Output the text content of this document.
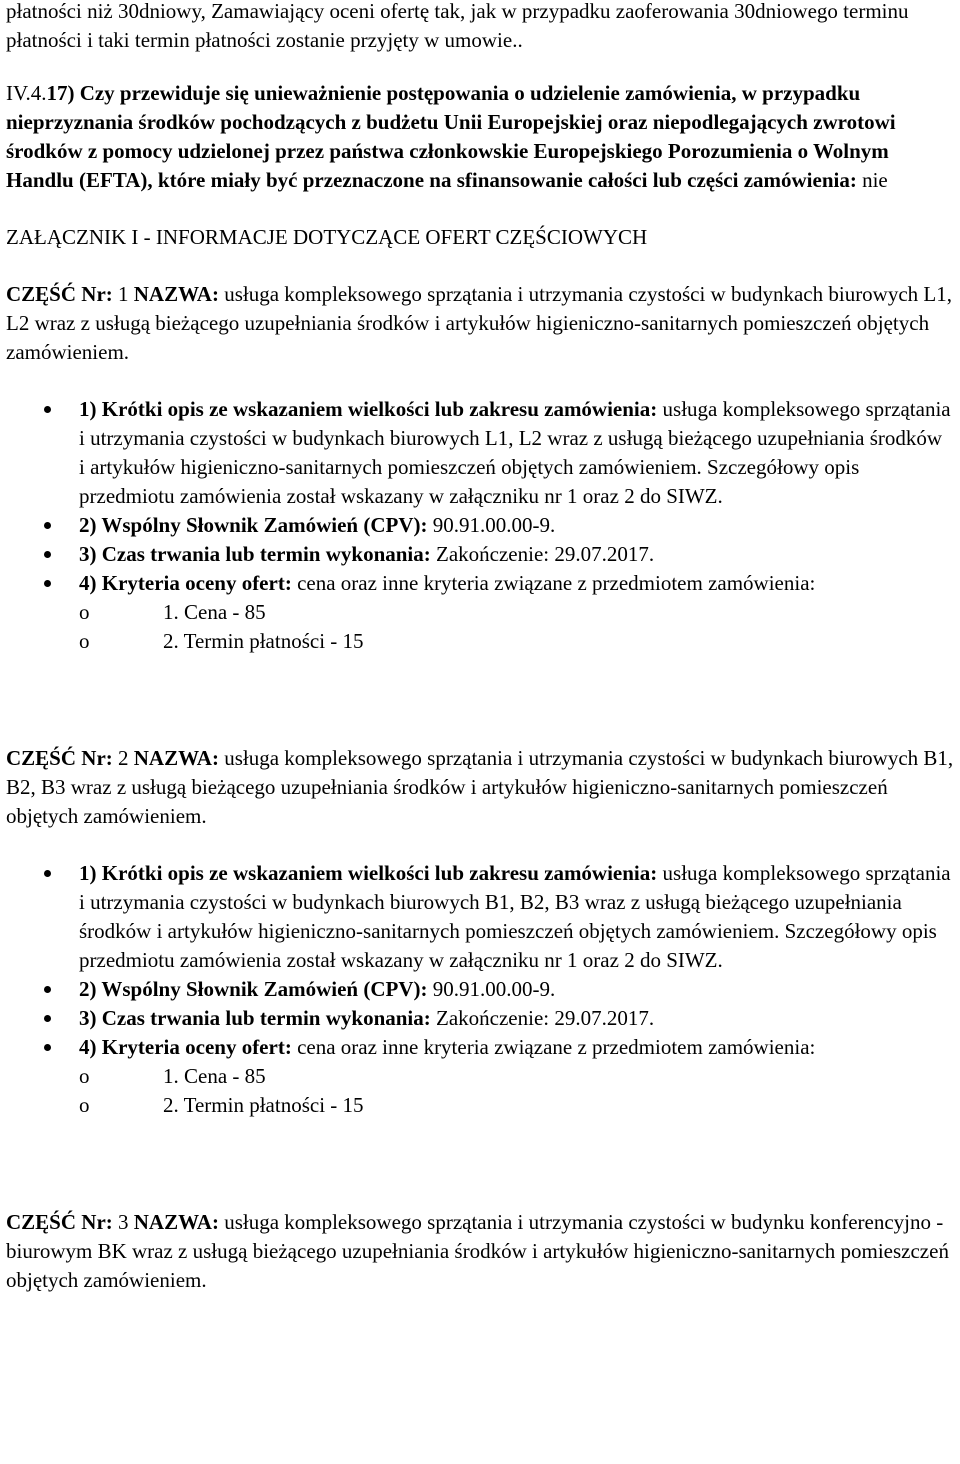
płatności niż 30dniowy, Zamawiający oceni ofertę tak, jak w przypadku zaoferowania 30dniowego terminu płatności i taki termin płatności zostanie przyjęty w umowie..

IV.4.17) Czy przewiduje się unieważnienie postępowania o udzielenie zamówienia, w przypadku nieprzyznania środków pochodzących z budżetu Unii Europejskiej oraz niepodlegających zwrotowi środków z pomocy udzielonej przez państwa członkowskie Europejskiego Porozumienia o Wolnym Handlu (EFTA), które miały być przeznaczone na sfinansowanie całości lub części zamówienia: nie

ZAŁĄCZNIK I - INFORMACJE DOTYCZĄCE OFERT CZĘŚCIOWYCH

CZĘŚĆ Nr: 1 NAZWA: usługa kompleksowego sprzątania i utrzymania czystości w budynkach biurowych L1, L2 wraz z usługą bieżącego uzupełniania środków i artykułów higieniczno-sanitarnych pomieszczeń objętych zamówieniem.

1) Krótki opis ze wskazaniem wielkości lub zakresu zamówienia: usługa kompleksowego sprzątania i utrzymania czystości w budynkach biurowych L1, L2 wraz z usługą bieżącego uzupełniania środków i artykułów higieniczno-sanitarnych pomieszczeń objętych zamówieniem. Szczegółowy opis przedmiotu zamówienia został wskazany w załączniku nr 1 oraz 2 do SIWZ.
2) Wspólny Słownik Zamówień (CPV): 90.91.00.00-9.
3) Czas trwania lub termin wykonania: Zakończenie: 29.07.2017.
4) Kryteria oceny ofert: cena oraz inne kryteria związane z przedmiotem zamówienia:
o	1. Cena - 85
o	2. Termin płatności - 15

CZĘŚĆ Nr: 2 NAZWA: usługa kompleksowego sprzątania i utrzymania czystości w budynkach biurowych B1, B2, B3 wraz z usługą bieżącego uzupełniania środków i artykułów higieniczno-sanitarnych pomieszczeń objętych zamówieniem.

1) Krótki opis ze wskazaniem wielkości lub zakresu zamówienia: usługa kompleksowego sprzątania i utrzymania czystości w budynkach biurowych B1, B2, B3 wraz z usługą bieżącego uzupełniania środków i artykułów higieniczno-sanitarnych pomieszczeń objętych zamówieniem. Szczegółowy opis przedmiotu zamówienia został wskazany w załączniku nr 1 oraz 2 do SIWZ.
2) Wspólny Słownik Zamówień (CPV): 90.91.00.00-9.
3) Czas trwania lub termin wykonania: Zakończenie: 29.07.2017.
4) Kryteria oceny ofert: cena oraz inne kryteria związane z przedmiotem zamówienia:
o	1. Cena - 85
o	2. Termin płatności - 15

CZĘŚĆ Nr: 3 NAZWA: usługa kompleksowego sprzątania i utrzymania czystości w budynku konferencyjno - biurowym BK wraz z usługą bieżącego uzupełniania środków i artykułów higieniczno-sanitarnych pomieszczeń objętych zamówieniem.
